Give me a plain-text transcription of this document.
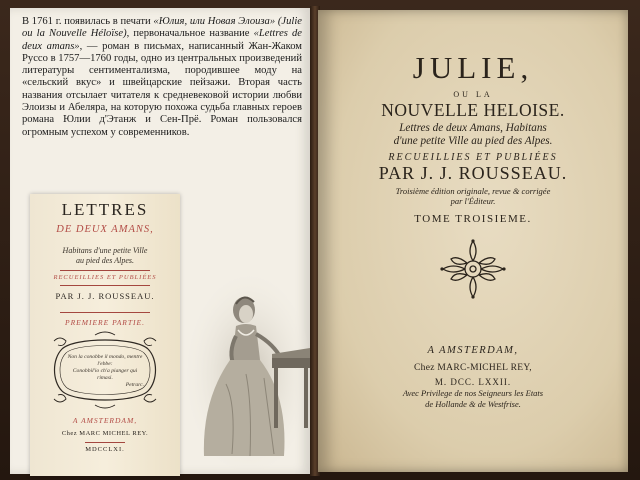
В 1761 г. появилась в печати «Юлия, или Новая Элоиза» (Julie ou la Nouvelle Héloïse), первоначальное название «Lettres de deux amans», — роман в письмах, написанный Жан-Жаком Руссо в 1757—1760 годы, одно из центральных произведений литературы сентиментализма, породившее моду на «сельский вкус» и швейцарские пейзажи. Вторая часть названия отсылает читателя к средневековой истории любви Элоизы и Абеляра, на которую похожа судьба главных героев романа Юлии д'Этанж и Сен-Прё. Роман пользовался огромным успехом у современников.
LETTRES
DE DEUX AMANS,
Habitans d'une petite Ville
au pied des Alpes.
RECUEILLIES ET PUBLIÉES
PAR J. J. ROUSSEAU.
PREMIERE PARTIE.
Non la conobbe il mondo, mentre l'ebbe:
Conobbil'io ch'a pianger qui rimasi.
Petrarc.
A AMSTERDAM,
Chez MARC MICHEL REY.
MDCCLXI.
JULIE,
OU LA
NOUVELLE HELOISE.
Lettres de deux Amans, Habitans
d'une petite Ville au pied des Alpes.
RECUEILLIES ET PUBLIÉES
PAR J. J. ROUSSEAU.
Troisième édition originale, revue & corrigée
par l'Éditeur.
TOME TROISIEME.
A AMSTERDAM,
Chez MARC-MICHEL REY,
M. DCC. LXXII.
Avec Privilege de nos Seigneurs les Etats
de Hollande & de Westfrise.
